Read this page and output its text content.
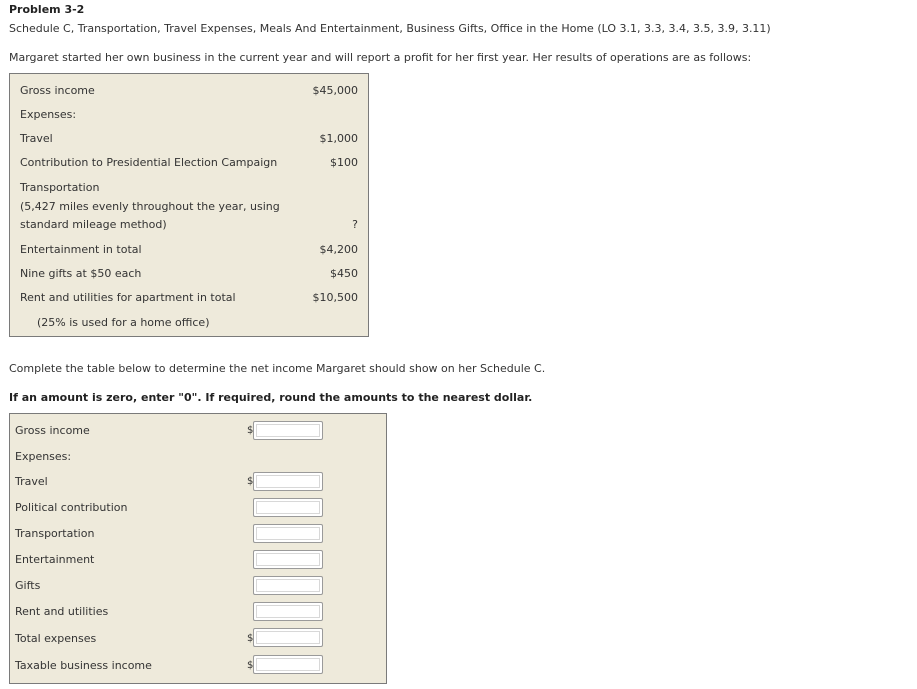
Problem 3-2
Schedule C, Transportation, Travel Expenses, Meals And Entertainment, Business Gifts, Office in the Home (LO 3.1, 3.3, 3.4, 3.5, 3.9, 3.11)
Margaret started her own business in the current year and will report a profit for her first year. Her results of operations are as follows:
Gross income	$45,000
Expenses:
Travel	$1,000
Contribution to Presidential Election Campaign	$100
Transportation
(5,427 miles evenly throughout the year, using
standard mileage method)	?
Entertainment in total	$4,200
Nine gifts at $50 each	$450
Rent and utilities for apartment in total	$10,500
(25% is used for a home office)
Complete the table below to determine the net income Margaret should show on her Schedule C.
If an amount is zero, enter "0". If required, round the amounts to the nearest dollar.
Gross income	$
Expenses:
Travel	$
Political contribution
Transportation
Entertainment
Gifts
Rent and utilities
Total expenses	$
Taxable business income	$
